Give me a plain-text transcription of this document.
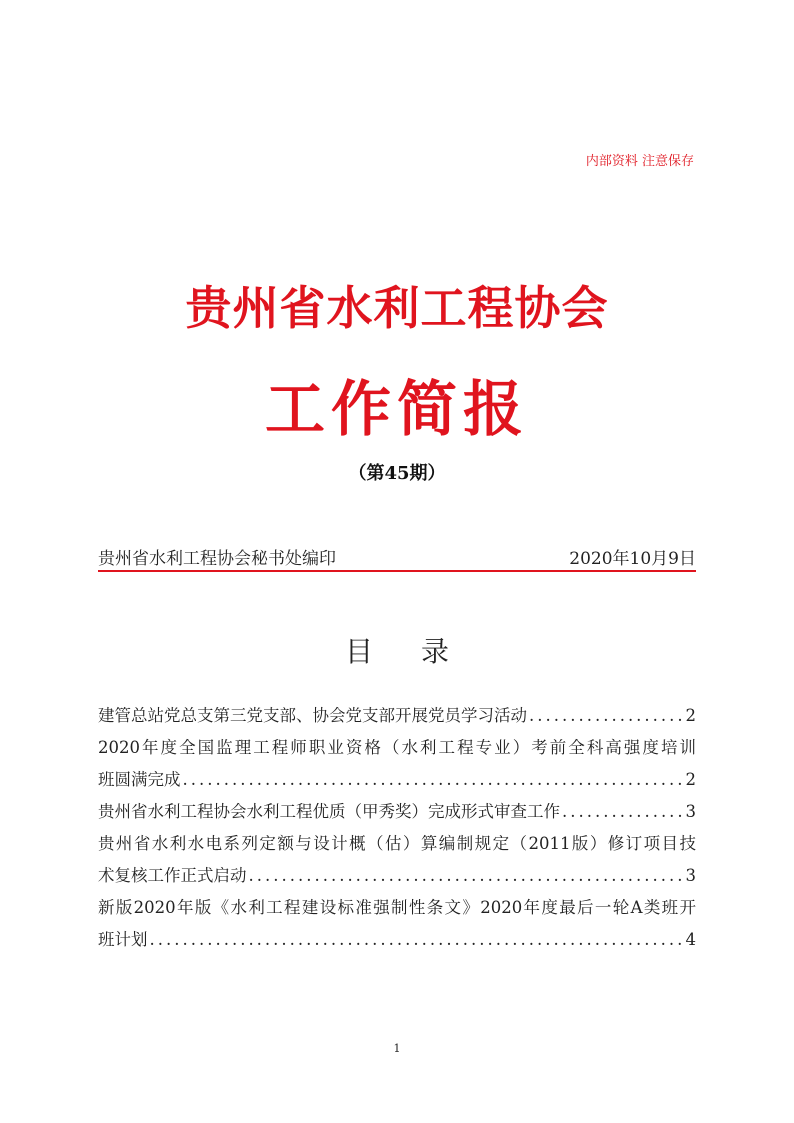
内部资料 注意保存
贵州省水利工程协会
工作简报
（第45期）
贵州省水利工程协会秘书处编印	2020年10月9日
目 录
建管总站党总支第三党支部、协会党支部开展党员学习活动 .....	2
2020年度全国监理工程师职业资格（水利工程专业）考前全科高强度培训
班圆满完成 .....	2
贵州省水利工程协会水利工程优质（甲秀奖）完成形式审查工作 .....	3
贵州省水利水电系列定额与设计概（估）算编制规定（2011版）修订项目技
术复核工作正式启动 .....	3
新版2020年版《水利工程建设标准强制性条文》2020年度最后一轮A类班开
班计划 .....	4
1
